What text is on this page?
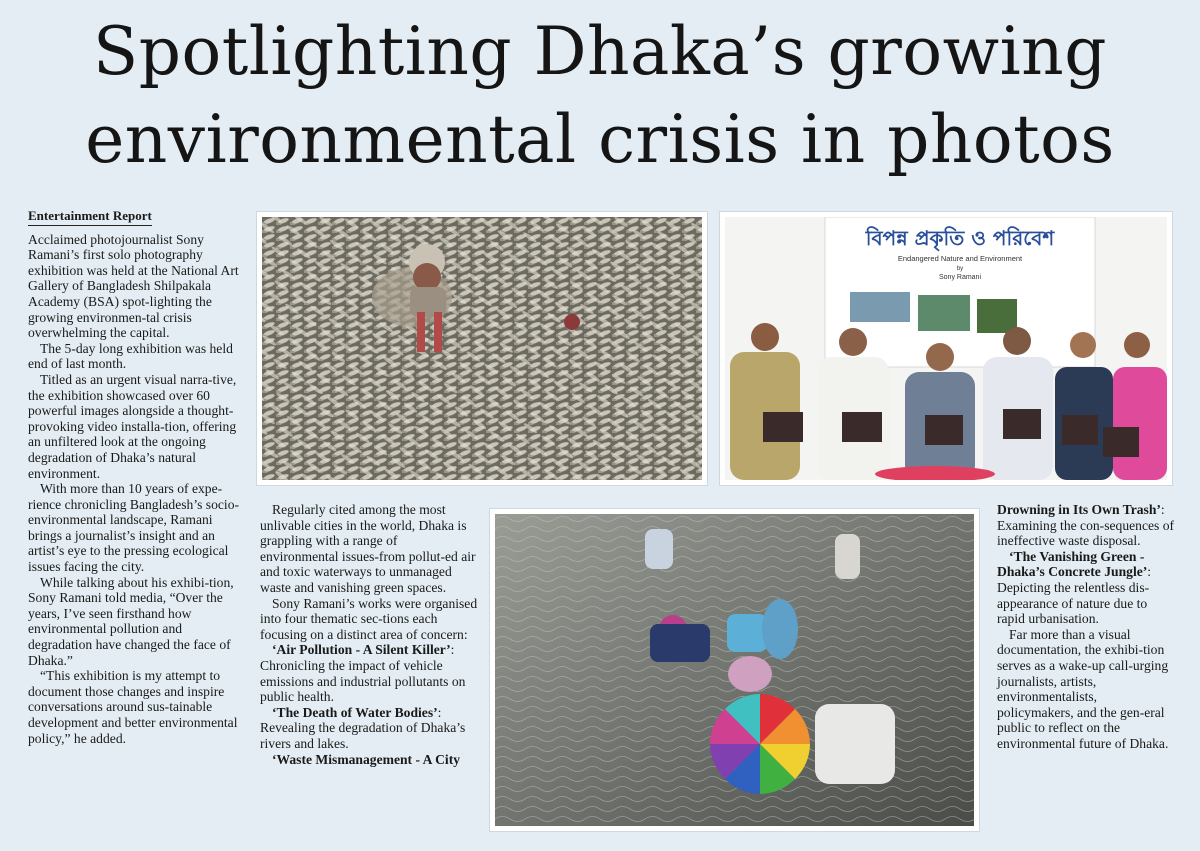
Spotlighting Dhaka’s growing
environmental crisis in photos
Entertainment Report

Acclaimed photojournalist Sony Ramani’s first solo photography exhibition was held at the National Art Gallery of Bangladesh Shilpakala Academy (BSA) spot-lighting the growing environmen-tal crisis
overwhelming the capital.

The 5-day long exhibition was held end of last month.

Titled as an urgent visual narra-tive, the exhibition showcased over 60 powerful images alongside a thought-provoking video installa-tion, offering an unfiltered look at the ongoing degradation of Dhaka’s natural environment.

With more than 10 years of expe-rience chronicling Bangladesh’s socio-environmental landscape, Ramani brings a journalist’s insight and an artist’s eye to the pressing ecological issues facing the city.

While talking about his exhibi-tion, Sony Ramani told media, “Over the years, I’ve seen firsthand how environmental pollution and degradation have changed the face of Dhaka.”

“This exhibition is my attempt to document those changes and inspire conversations around sus-tainable development and better environmental policy,” he added.

বিপন্ন প্রকৃতি ও পরিবেশ
Endangered Nature and Environment
by
Sony Ramani

Regularly cited among the most unlivable cities in the world, Dhaka is grappling with a range of environmental issues-from pollut-ed air and toxic waterways to unmanaged waste and vanishing green spaces.

Sony Ramani’s works were organised into four thematic sec-tions each focusing on a distinct area of concern:

‘Air Pollution - A Silent Killer’: Chronicling the impact of vehicle emissions and industrial pollutants on public health.

‘The Death of Water Bodies’: Revealing the degradation of Dhaka’s rivers and lakes.

‘Waste Mismanagement - A City

Drowning in Its Own Trash’: Examining the con-sequences of ineffective waste disposal.

‘The Vanishing Green - Dhaka’s Concrete Jungle’: Depicting the relentless dis-appearance of nature due to rapid urbanisation.

Far more than a visual documentation, the exhibi-tion serves as a wake-up call-urging journalists, artists, environmentalists, policymakers, and the gen-eral public to reflect on the environmental future of Dhaka.
